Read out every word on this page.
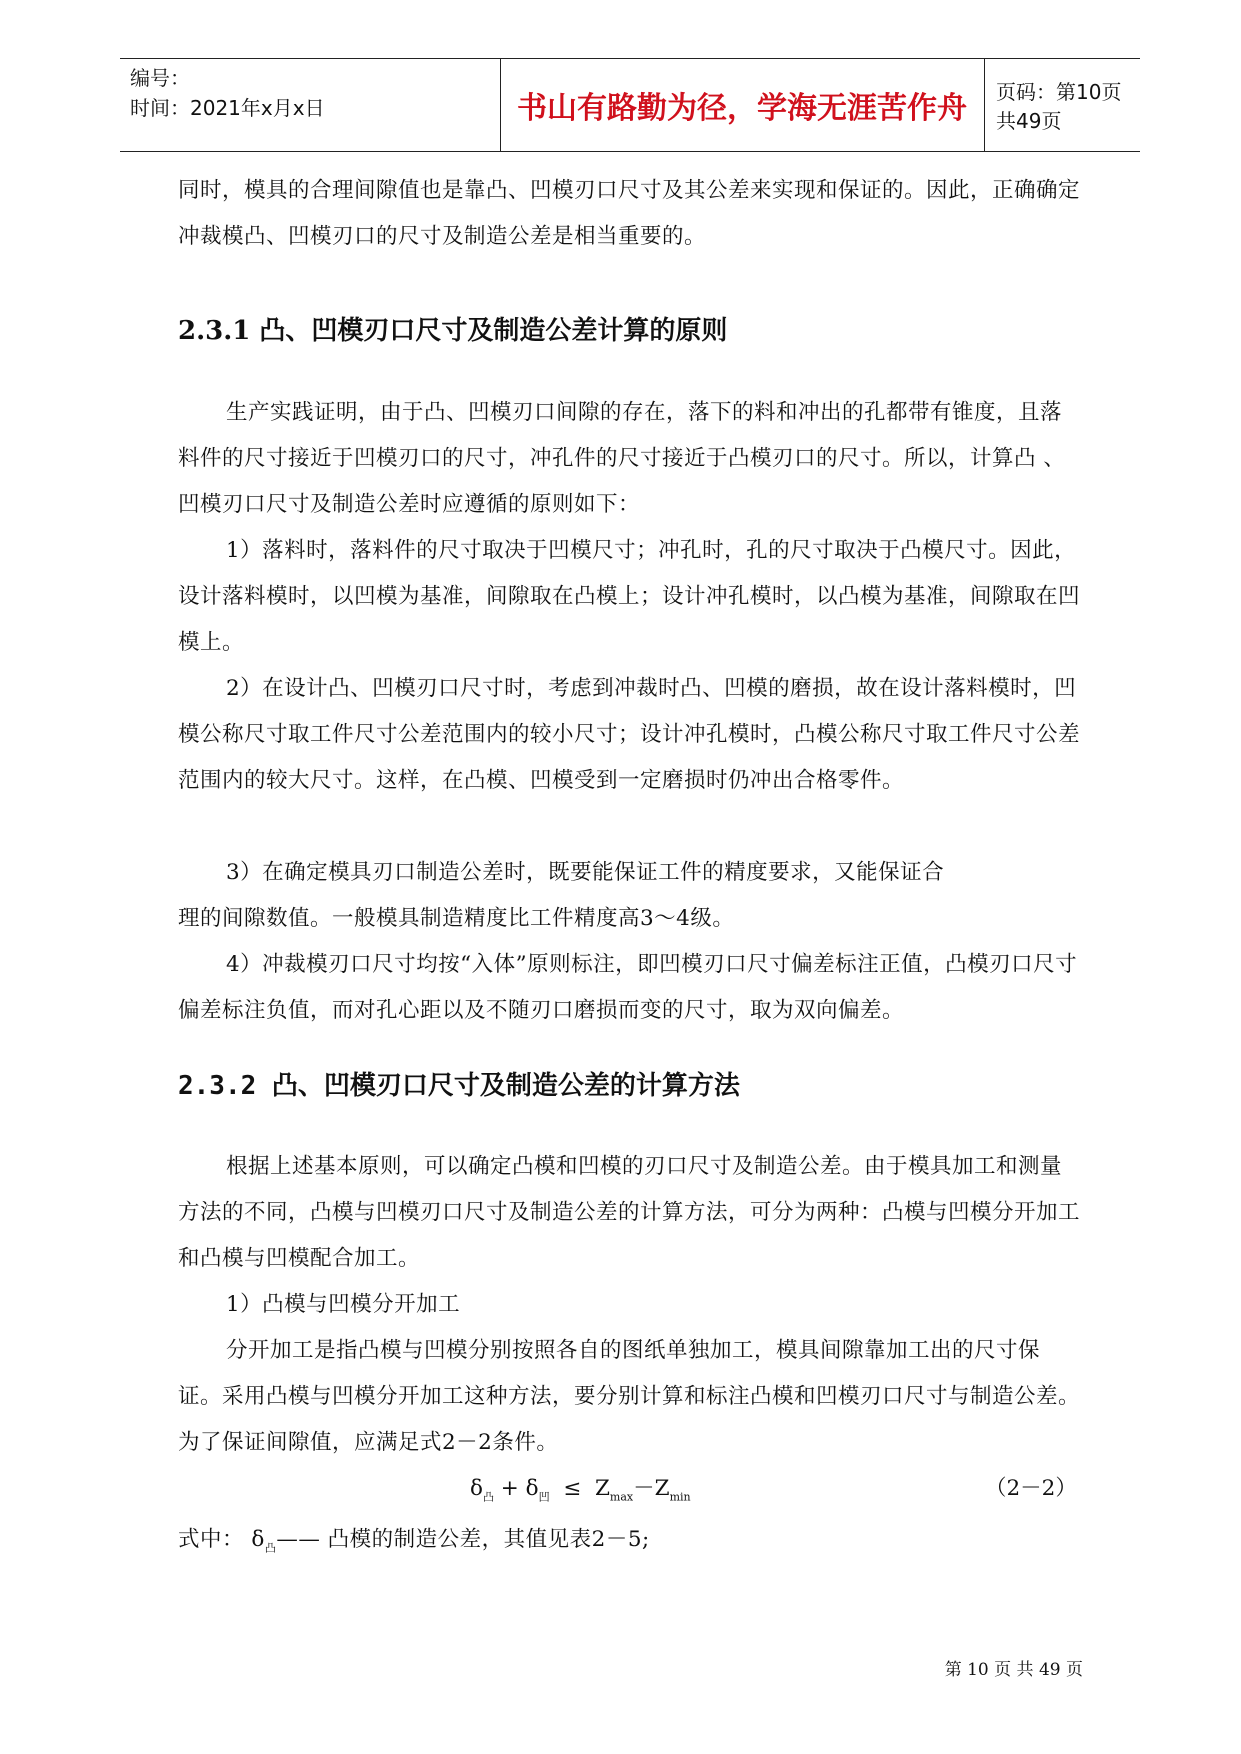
编号：
时间：2021年x月x日	书山有路勤为径，学海无涯苦作舟	页码：第10页 共49页

同时，模具的合理间隙值也是靠凸、凹模刃口尺寸及其公差来实现和保证的。因此，正确确定冲裁模凸、凹模刃口的尺寸及制造公差是相当重要的。

2.3.1 凸、凹模刃口尺寸及制造公差计算的原则

生产实践证明，由于凸、凹模刃口间隙的存在，落下的料和冲出的孔都带有锥度，且落料件的尺寸接近于凹模刃口的尺寸，冲孔件的尺寸接近于凸模刃口的尺寸。所以，计算凸 、凹模刃口尺寸及制造公差时应遵循的原则如下：

1）落料时，落料件的尺寸取决于凹模尺寸；冲孔时，孔的尺寸取决于凸模尺寸。因此，设计落料模时，以凹模为基准，间隙取在凸模上；设计冲孔模时，以凸模为基准，间隙取在凹模上。

2）在设计凸、凹模刃口尺寸时，考虑到冲裁时凸、凹模的磨损，故在设计落料模时，凹模公称尺寸取工件尺寸公差范围内的较小尺寸；设计冲孔模时，凸模公称尺寸取工件尺寸公差范围内的较大尺寸。这样，在凸模、凹模受到一定磨损时仍冲出合格零件。

3）在确定模具刃口制造公差时，既要能保证工件的精度要求，又能保证合

理的间隙数值。一般模具制造精度比工件精度高3～4级。

4）冲裁模刃口尺寸均按“入体”原则标注，即凹模刃口尺寸偏差标注正值，凸模刃口尺寸偏差标注负值，而对孔心距以及不随刃口磨损而变的尺寸，取为双向偏差。

2.3.2 凸、凹模刃口尺寸及制造公差的计算方法

根据上述基本原则，可以确定凸模和凹模的刃口尺寸及制造公差。由于模具加工和测量方法的不同，凸模与凹模刃口尺寸及制造公差的计算方法，可分为两种：凸模与凹模分开加工和凸模与凹模配合加工。

1）凸模与凹模分开加工

分开加工是指凸模与凹模分别按照各自的图纸单独加工，模具间隙靠加工出的尺寸保证。采用凸模与凹模分开加工这种方法，要分别计算和标注凸模和凹模刃口尺寸与制造公差。为了保证间隙值，应满足式2－2条件。

$\delta_凸 + \delta_凹 \le Z_{max}-Z_{min}$	（2－2）

式中： $\delta_凸——$ 凸模的制造公差，其值见表2－5;

第 10 页 共 49 页
